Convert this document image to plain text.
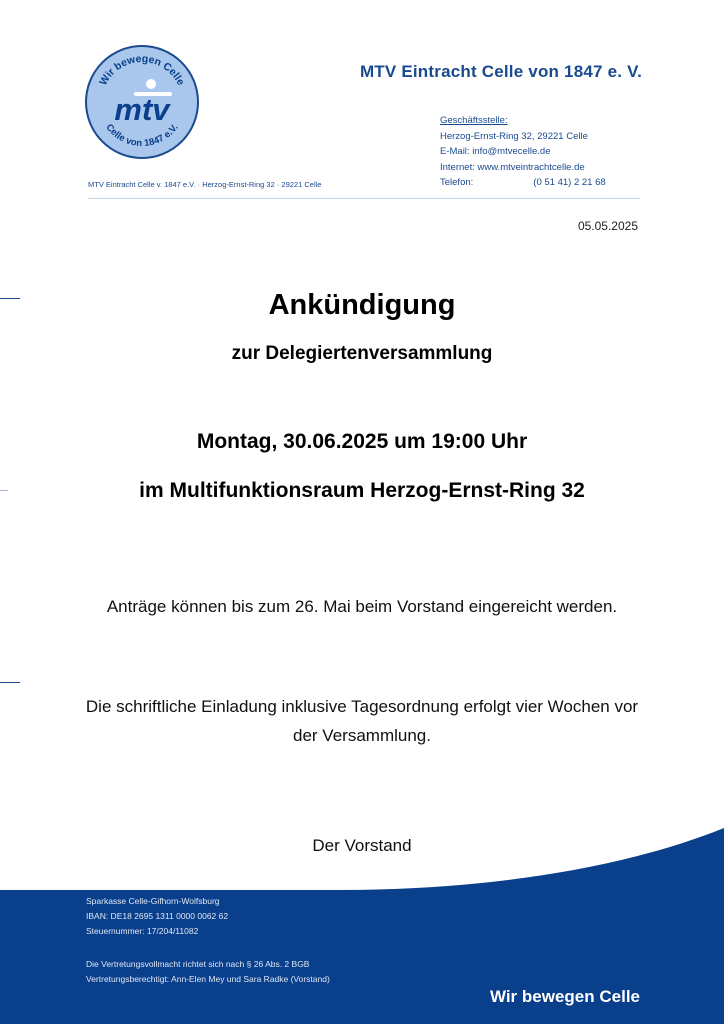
Wir bewegen Celle
Celle von 1847 e.V.
mtv
MTV Eintracht Celle von 1847 e. V.
Geschäftsstelle:
Herzog-Ernst-Ring 32, 29221 Celle
E-Mail: info@mtvecelle.de
Internet: www.mtveintrachtcelle.de
Telefon:	(0 51 41) 2 21 68
MTV Eintracht Celle v. 1847 e.V. · Herzog-Ernst-Ring 32 · 29221 Celle
05.05.2025
Ankündigung
zur Delegiertenversammlung
Montag, 30.06.2025 um 19:00 Uhr
im Multifunktionsraum Herzog-Ernst-Ring 32
Anträge können bis zum 26. Mai beim Vorstand eingereicht werden.
Die schriftliche Einladung inklusive Tagesordnung erfolgt vier Wochen vor der Versammlung.
Der Vorstand
Sparkasse Celle-Gifhorn-Wolfsburg
IBAN: DE18 2695 1311 0000 0062 62
Steuernummer: 17/204/11082
Die Vertretungsvollmacht richtet sich nach § 26 Abs. 2 BGB
Vertretungsberechtigt: Ann-Elen Mey und Sara Radke (Vorstand)
Wir bewegen Celle
